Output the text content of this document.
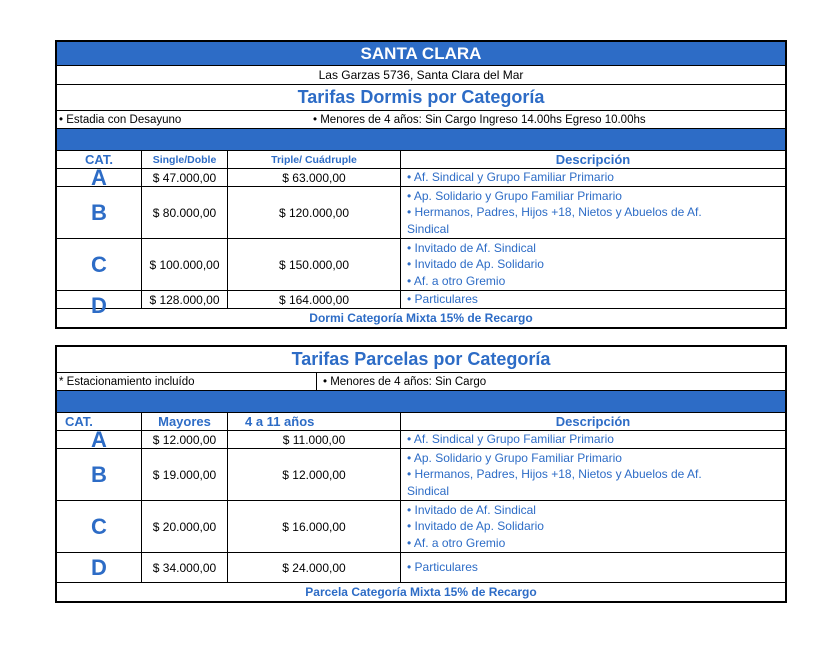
SANTA CLARA
Las Garzas 5736, Santa Clara del Mar
Tarifas Dormis por Categoría
• Estadia con Desayuno	• Menores de 4 años: Sin Cargo Ingreso 14.00hs Egreso 10.00hs
CAT.	Single/Doble	Triple/ Cuádruple	Descripción
A	$ 47.000,00	$ 63.000,00	• Af. Sindical y Grupo Familiar Primario
B	$ 80.000,00	$ 120.000,00
• Ap. Solidario y Grupo Familiar Primario
• Hermanos, Padres, Hijos +18, Nietos y Abuelos de Af.
Sindical
C	$ 100.000,00	$ 150.000,00
• Invitado de Af. Sindical
• Invitado de Ap. Solidario
• Af. a otro Gremio
D	$ 128.000,00	$ 164.000,00	• Particulares
Dormi Categoría Mixta 15% de Recargo
Tarifas Parcelas por Categoría
* Estacionamiento incluído	• Menores de 4 años: Sin Cargo
CAT.	Mayores	4 a 11 años	Descripción
A	$ 12.000,00	$ 11.000,00	• Af. Sindical y Grupo Familiar Primario
B	$ 19.000,00	$ 12.000,00
• Ap. Solidario y Grupo Familiar Primario
• Hermanos, Padres, Hijos +18, Nietos y Abuelos de Af.
Sindical
C	$ 20.000,00	$ 16.000,00
• Invitado de Af. Sindical
• Invitado de Ap. Solidario
• Af. a otro Gremio
D	$ 34.000,00	$ 24.000,00	• Particulares
Parcela Categoría Mixta 15% de Recargo
